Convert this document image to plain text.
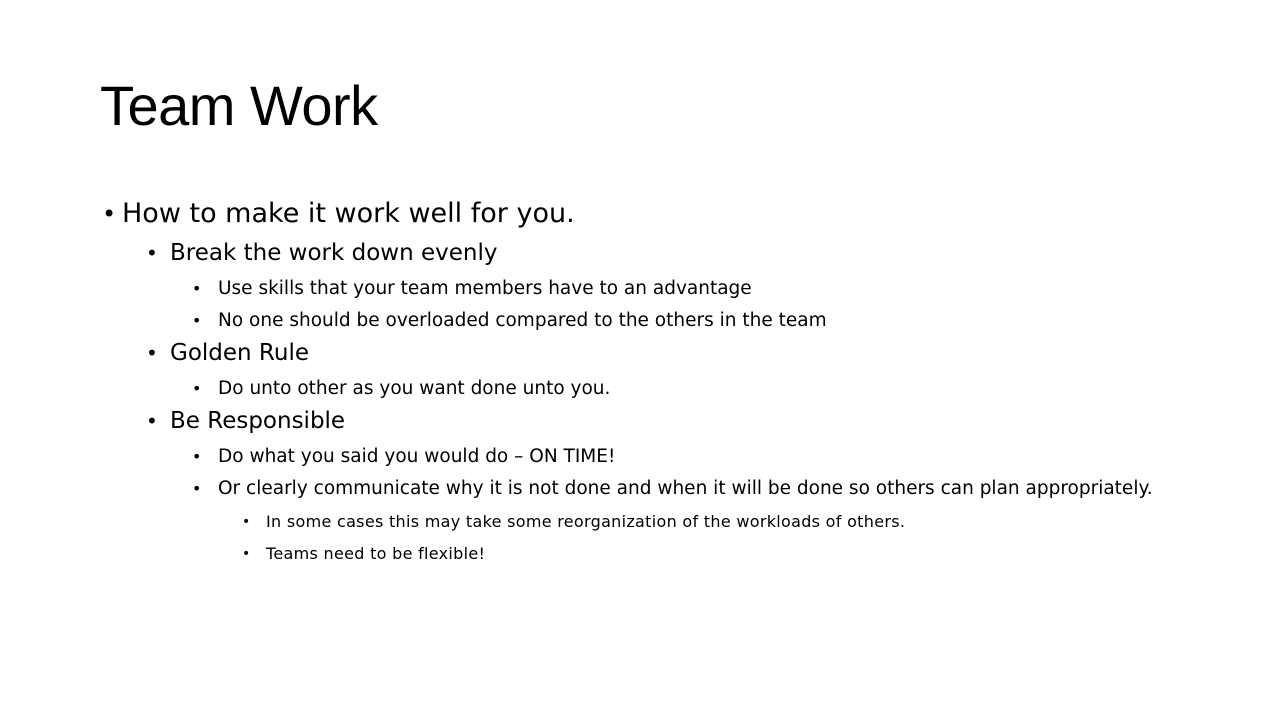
Team Work
• How to make it work well for you.
• Break the work down evenly
• Use skills that your team members have to an advantage
• No one should be overloaded compared to the others in the team
• Golden Rule
• Do unto other as you want done unto you.
• Be Responsible
• Do what you said you would do – ON TIME!
• Or clearly communicate why it is not done and when it will be done so others can plan appropriately.
• In some cases this may take some reorganization of the workloads of others.
• Teams need to be flexible!
